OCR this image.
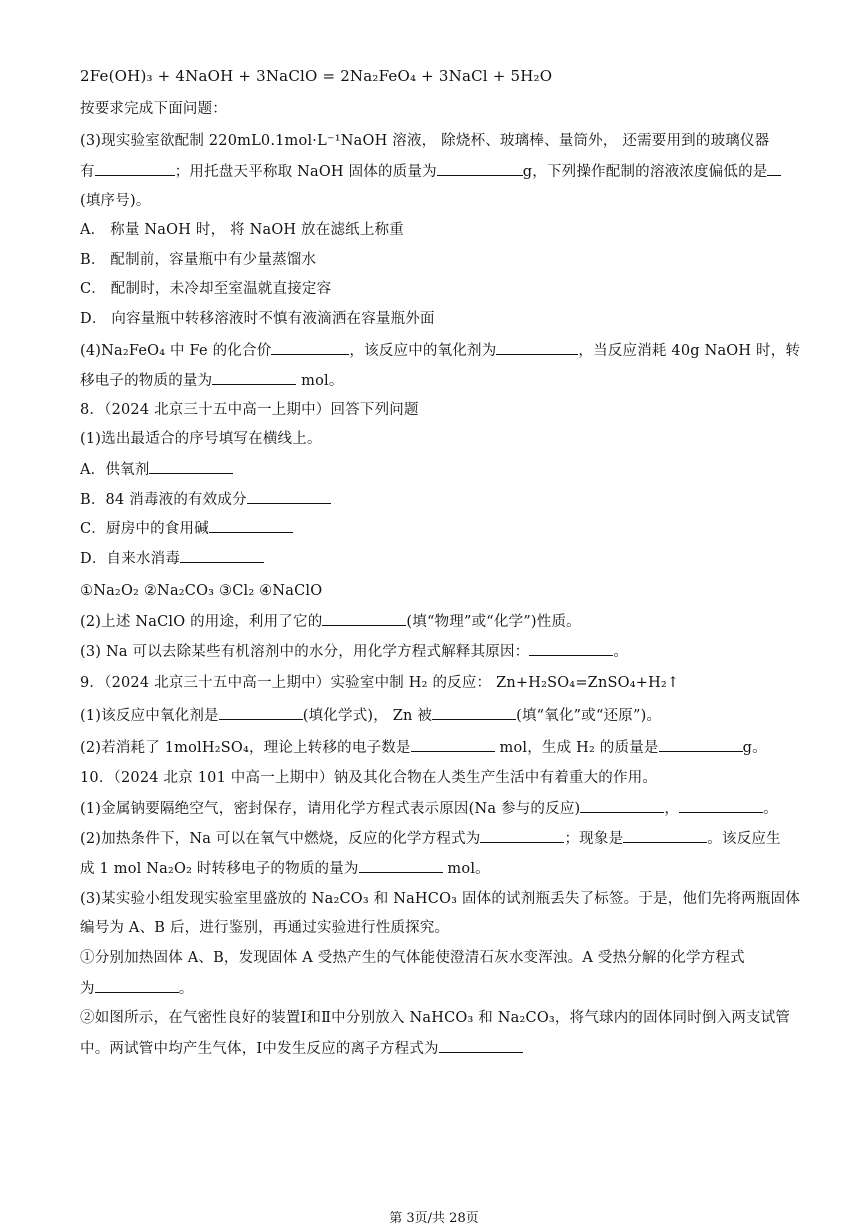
2Fe(OH)₃ + 4NaOH + 3NaClO = 2Na₂FeO₄ + 3NaCl + 5H₂O
按要求完成下面问题：
(3)现实验室欲配制 220mL0.1mol·L⁻¹NaOH 溶液， 除烧杯、玻璃棒、量筒外， 还需要用到的玻璃仪器
有	；用托盘天平称取 NaOH 固体的质量为	g，下列操作配制的溶液浓度偏低的是
(填序号)。
A． 称量 NaOH 时， 将 NaOH 放在滤纸上称重
B． 配制前，容量瓶中有少量蒸馏水
C． 配制时，未冷却至室温就直接定容
D． 向容量瓶中转移溶液时不慎有液滴洒在容量瓶外面
(4)Na₂FeO₄ 中 Fe 的化合价	，该反应中的氧化剂为	，当反应消耗 40g NaOH 时，转
移电子的物质的量为	mol。
8．（2024 北京三十五中高一上期中）回答下列问题
(1)选出最适合的序号填写在横线上。
A．供氧剂
B．84 消毒液的有效成分
C．厨房中的食用碱
D．自来水消毒
①Na₂O₂ ②Na₂CO₃ ③Cl₂ ④NaClO
(2)上述 NaClO 的用途，利用了它的	(填“物理”或“化学”)性质。
(3) Na 可以去除某些有机溶剂中的水分，用化学方程式解释其原因：	。
9．（2024 北京三十五中高一上期中）实验室中制 H₂ 的反应： Zn+H₂SO₄=ZnSO₄+H₂↑
(1)该反应中氧化剂是	(填化学式)， Zn 被	(填“氧化”或“还原”)。
(2)若消耗了 1molH₂SO₄，理论上转移的电子数是	mol，生成 H₂ 的质量是	g。
10．（2024 北京 101 中高一上期中）钠及其化合物在人类生产生活中有着重大的作用。
(1)金属钠要隔绝空气，密封保存，请用化学方程式表示原因(Na 参与的反应)	，	。
(2)加热条件下，Na 可以在氧气中燃烧，反应的化学方程式为	；现象是	。该反应生
成 1 mol Na₂O₂ 时转移电子的物质的量为	mol。
(3)某实验小组发现实验室里盛放的 Na₂CO₃ 和 NaHCO₃ 固体的试剂瓶丢失了标签。于是，他们先将两瓶固体
编号为 A、B 后，进行鉴别，再通过实验进行性质探究。
①分别加热固体 A、B，发现固体 A 受热产生的气体能使澄清石灰水变浑浊。A 受热分解的化学方程式
为	。
②如图所示，在气密性良好的装置Ⅰ和Ⅱ中分别放入 NaHCO₃ 和 Na₂CO₃，将气球内的固体同时倒入两支试管
中。两试管中均产生气体，Ⅰ中发生反应的离子方程式为
第 3页/共 28页
